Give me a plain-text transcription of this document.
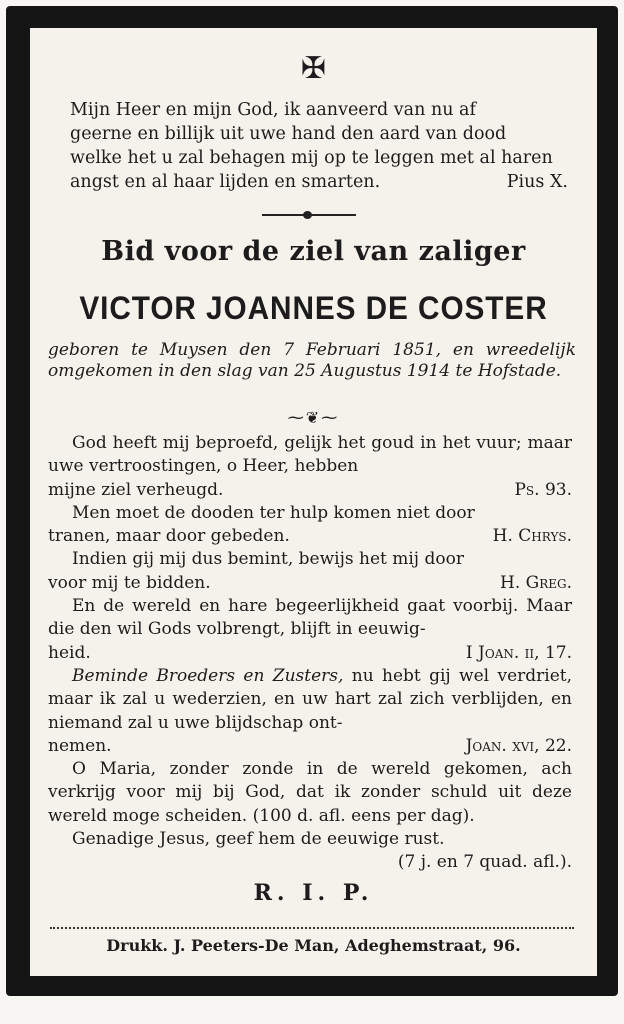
✠
Mijn Heer en mijn God, ik aanveerd van nu af
geerne en billijk uit uwe hand den aard van dood
welke het u zal behagen mij op te leggen met al haren
angst en al haar lijden en smarten.	Pius X.
Bid voor de ziel van zaliger
VICTOR JOANNES DE COSTER
geboren te Muysen den 7 Februari 1851, en wreedelijk omgekomen in den slag van 25 Augustus 1914 te Hofstade.
⁓❦⁓

God heeft mij beproefd, gelijk het goud in het vuur; maar uwe vertroostingen, o Heer, hebben

mijne ziel verheugd.	Ps. 93.

Men moet de dooden ter hulp komen niet door

tranen, maar door gebeden.	H. Chrys.

Indien gij mij dus bemint, bewijs het mij door

voor mij te bidden.	H. Greg.

En de wereld en hare begeerlijkheid gaat voorbij. Maar die den wil Gods volbrengt, blijft in eeuwig-

heid.	I Joan. ii, 17.

Beminde Broeders en Zusters, nu hebt gij wel verdriet, maar ik zal u wederzien, en uw hart zal zich verblijden, en niemand zal u uwe blijdschap ont-

nemen.	Joan. xvi, 22.

O Maria, zonder zonde in de wereld gekomen, ach verkrijg voor mij bij God, dat ik zonder schuld uit deze wereld moge scheiden. (100 d. afl. eens per dag).

Genadige Jesus, geef hem de eeuwige rust.

(7 j. en 7 quad. afl.).

R. I. P.
Drukk. J. Peeters-De Man, Adeghemstraat, 96.
